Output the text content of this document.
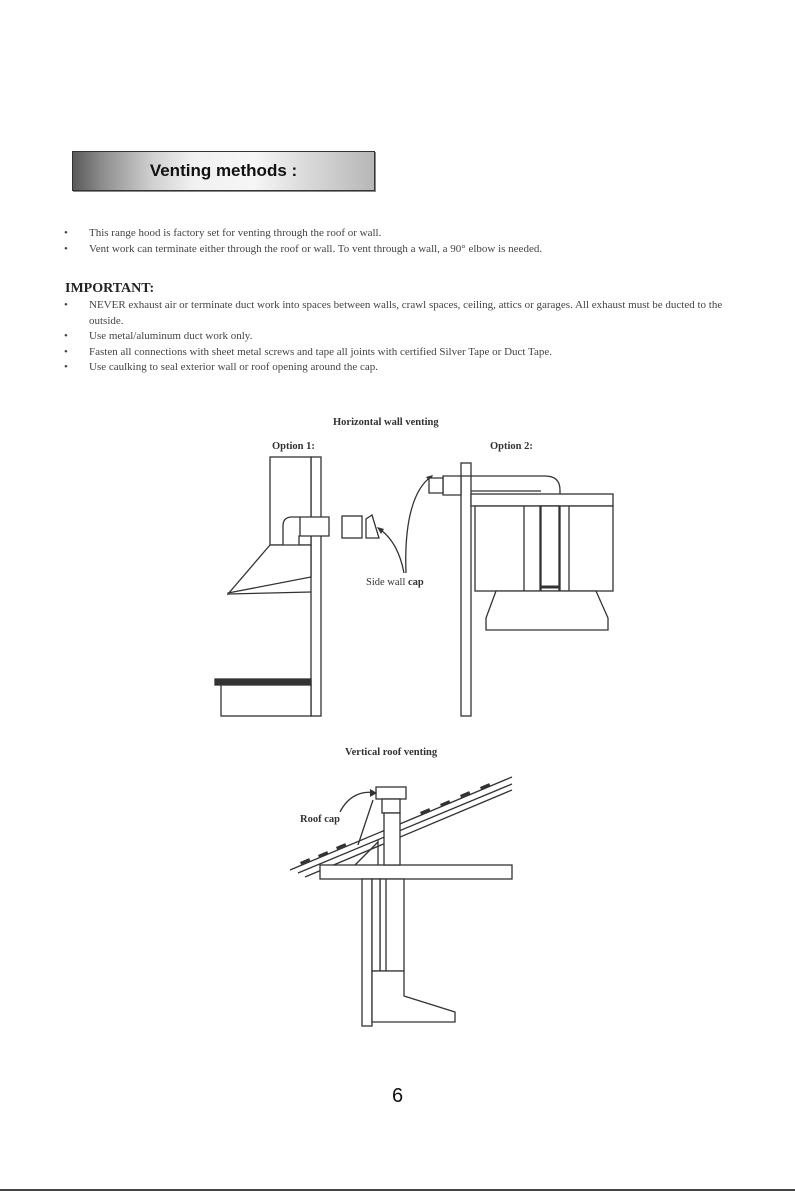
Venting methods :
• This range hood is factory set for venting through the roof or wall.
• Vent work can terminate either through the roof or wall. To vent through a wall, a 90° elbow is needed.
IMPORTANT:
• NEVER exhaust air or terminate duct work into spaces between walls, crawl spaces, ceiling, attics or garages. All exhaust must be ducted to the outside.
• Use metal/aluminum duct work only.
• Fasten all connections with sheet metal screws and tape all joints with certified Silver Tape or Duct Tape.
• Use caulking to seal exterior wall or roof opening around the cap.
Horizontal wall venting
Option 1:	Option 2:
Side wall cap
Vertical roof venting
Roof cap
6
